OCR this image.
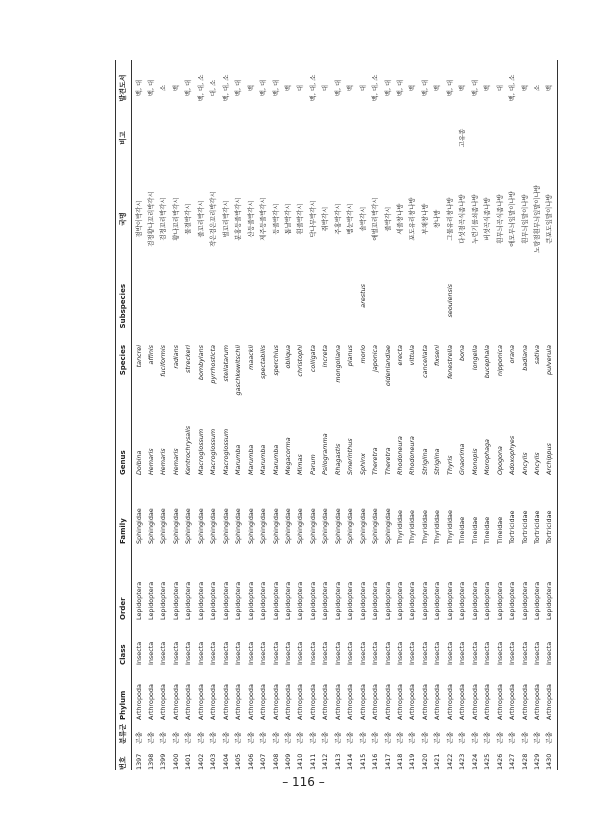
번호
분류군
Phylum
Class
Order
Family
Genus
Species
Subspecies
국명
비고
발견도서
1397
곤충
Arthropoda
Insecta
Lepidoptera
Sphingidae
Dolbina
tancrei
점박이박각시
백, 대
1398
곤충
Arthropoda
Insecta
Lepidoptera
Sphingidae
Hemaris
affinis
검정황나꼬리박각시
백, 대
1399
곤충
Arthropoda
Insecta
Lepidoptera
Sphingidae
Hemaris
fuciformis
검정꼬리박각시
소
1400
곤충
Arthropoda
Insecta
Lepidoptera
Sphingidae
Hemaris
radians
황나꼬리박각시
백
1401
곤충
Arthropoda
Insecta
Lepidoptera
Sphingidae
Kentrochrysalis
streckeri
물결박각시
백, 대
1402
곤충
Arthropoda
Insecta
Lepidoptera
Sphingidae
Macroglossum
bombylans
줄꼬리박각시
백, 대, 소
1403
곤충
Arthropoda
Insecta
Lepidoptera
Sphingidae
Macroglossum
pyrrhosticta
작은검은꼬리박각시
대, 소
1404
곤충
Arthropoda
Insecta
Lepidoptera
Sphingidae
Macroglossum
stellatarum
벌꼬리박각시
백, 대, 소
1405
곤충
Arthropoda
Insecta
Lepidoptera
Sphingidae
Marumba
gaschkewitschii
분홍등줄박각시
백, 대
1406
곤충
Arthropoda
Insecta
Lepidoptera
Sphingidae
Marumba
maackii
산등줄박각시
백
1407
곤충
Arthropoda
Insecta
Lepidoptera
Sphingidae
Marumba
spectabilis
제주등줄박각시
백, 대
1408
곤충
Arthropoda
Insecta
Lepidoptera
Sphingidae
Marumba
sperchius
등줄박각시
백, 대
1409
곤충
Arthropoda
Insecta
Lepidoptera
Sphingidae
Megacorma
obliqua
톱날박각시
백
1410
곤충
Arthropoda
Insecta
Lepidoptera
Sphingidae
Mimas
christophi
흰줄박각시
대
1411
곤충
Arthropoda
Insecta
Lepidoptera
Sphingidae
Parum
colligata
닥나무박각시
백, 대, 소
1412
곤충
Arthropoda
Insecta
Lepidoptera
Sphingidae
Psilogramma
increta
쥐박각시
대
1413
곤충
Arthropoda
Insecta
Lepidoptera
Sphingidae
Rhagastis
mongoliana
주홍박각시
백, 대
1414
곤충
Arthropoda
Insecta
Lepidoptera
Sphingidae
Smerinthus
planus
뱀눈박각시
백
1415
곤충
Arthropoda
Insecta
Lepidoptera
Sphingidae
Sphinx
morio
arestus
솔박각시
대
1416
곤충
Arthropoda
Insecta
Lepidoptera
Sphingidae
Theretra
japonica
애벌꼬리박각시
백, 대, 소
1417
곤충
Arthropoda
Insecta
Lepidoptera
Sphingidae
Theretra
oldenlandiae
줄박각시
백, 대
1418
곤충
Arthropoda
Insecta
Lepidoptera
Thyrididae
Rhodoneura
erecta
세줄창나방
백, 대
1419
곤충
Arthropoda
Insecta
Lepidoptera
Thyrididae
Rhodoneura
vittula
포도유리창나방
백
1420
곤충
Arthropoda
Insecta
Lepidoptera
Thyrididae
Striglina
cancellata
부채창나방
백, 대
1421
곤충
Arthropoda
Insecta
Lepidoptera
Thyrididae
Striglina
fixseni
창나방
백
1422
곤충
Arthropoda
Insecta
Lepidoptera
Thyrididae
Thyris
fenestrella
seoulensis
그물유리창나방
백, 대
1423
곤충
Arthropoda
Insecta
Lepidoptera
Tineidae
Gnaorima
bona
다섯점곡식좀나방
고유종
백
1424
곤충
Arthropoda
Insecta
Lepidoptera
Tineidae
Monopis
longella
누런기를쇠좀나방
백, 대
1425
곤충
Arthropoda
Insecta
Lepidoptera
Tineidae
Morophaga
bucephala
버섯곡식좀나방
백
1426
곤충
Arthropoda
Insecta
Lepidoptera
Tineidae
Opogona
nipponica
흰무늬곡식좀나방
대
1427
곤충
Arthropoda
Insecta
Lepidoptera
Tortricidae
Adoxophyes
orana
애모무늬잎말이나방
백, 대, 소
1428
곤충
Arthropoda
Insecta
Lepidoptera
Tortricidae
Ancylis
badiana
흰무늬잎말이나방
백
1429
곤충
Arthropoda
Insecta
Lepidoptera
Tortricidae
Ancylis
sativa
노랑점흰무늬잎말이나방
소
1430
곤충
Arthropoda
Insecta
Lepidoptera
Tortricidae
Archippus
pulverula
큰포도잎말이나방
백
– 116 –
